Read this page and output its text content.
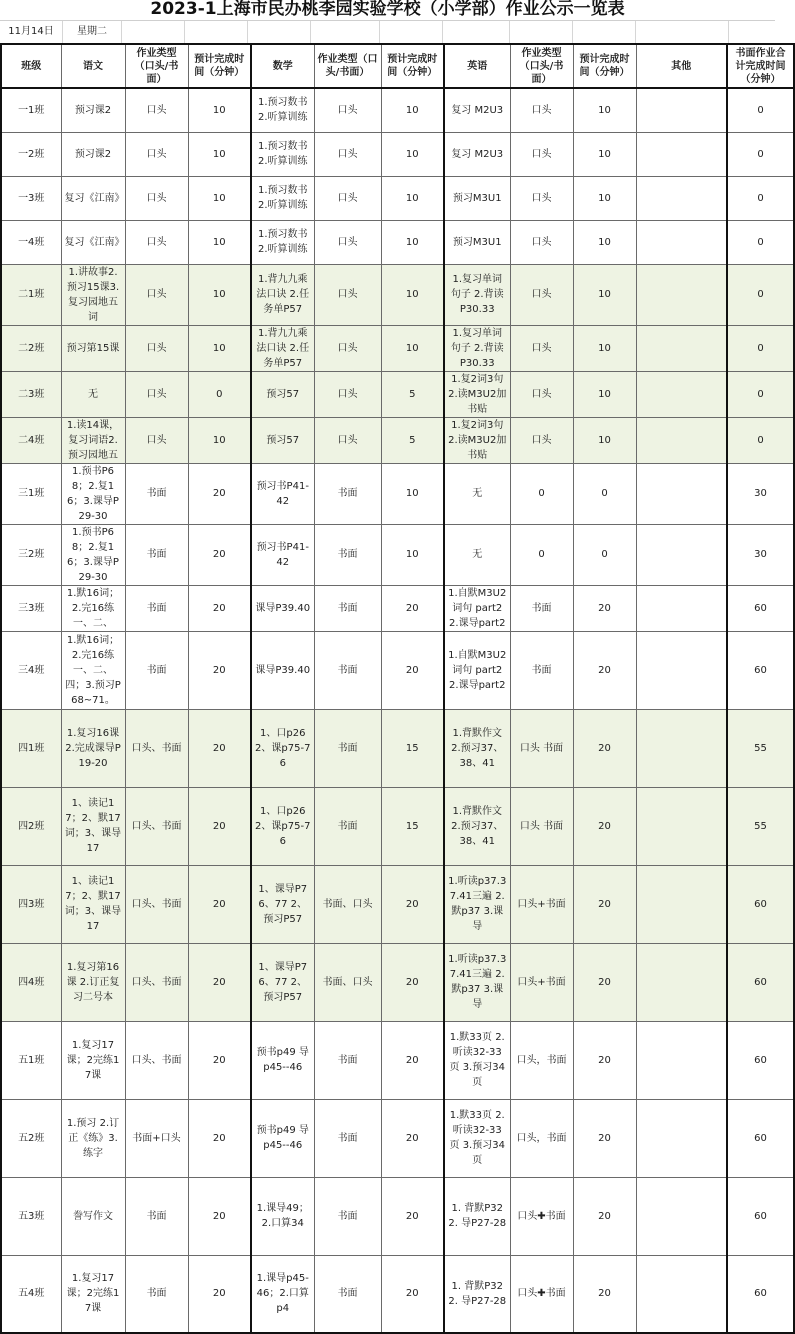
2023-1上海市民办桃李园实验学校（小学部）作业公示一览表
11月14日	星期二
班级	语文	作业类型（口头/书面）	预计完成时间（分钟）	数学	作业类型（口头/书面）	预计完成时间（分钟）	英语	作业类型（口头/书面）	预计完成时间（分钟）	其他	书面作业合计完成时间（分钟）
一1班	预习课2	口头	10	1.预习数书 2.听算训练	口头	10	复习 M2U3	口头	10		0
一2班	预习课2	口头	10	1.预习数书 2.听算训练	口头	10	复习 M2U3	口头	10		0
一3班	复习《江南》	口头	10	1.预习数书 2.听算训练	口头	10	预习M3U1	口头	10		0
一4班	复习《江南》	口头	10	1.预习数书 2.听算训练	口头	10	预习M3U1	口头	10		0
二1班	1.讲故事2.预习15课3.复习园地五 词	口头	10	1.背九九乘法口诀 2.任务单P57	口头	10	1.复习单词句子 2.背读P30.33	口头	10		0
二2班	预习第15课	口头	10	1.背九九乘法口诀 2.任务单P57	口头	10	1.复习单词句子 2.背读P30.33	口头	10		0
二3班	无	口头	0	预习57	口头	5	1.复2词3句 2.读M3U2加书贴	口头	10		0
二4班	1.读14课，复习词语2.预习园地五	口头	10	预习57	口头	5	1.复2词3句 2.读M3U2加书贴	口头	10		0
三1班	1.预书P68；2.复16；3.课导P29-30	书面	20	预习书P41-42	书面	10	无	0	0		30
三2班	1.预书P68；2.复16；3.课导P29-30	书面	20	预习书P41-42	书面	10	无	0	0		30
三3班	1.默16词；2.完16练一、二、	书面	20	课导P39.40	书面	20	1.自默M3U2词句 part2 2.课导part2	书面	20		60
三4班	1.默16词；2.完16练一、二、四；3.预习P68~71。	书面	20	课导P39.40	书面	20	1.自默M3U2词句 part2 2.课导part2	书面	20		60
四1班	1.复习16课 2.完成课导P19-20	口头、书面	20	1、口p26 2、课p75-76	书面	15	1.背默作文 2.预习37、38、41	口头 书面	20		55
四2班	1、读记17；2、默17词；3、课导17	口头、书面	20	1、口p26 2、课p75-76	书面	15	1.背默作文 2.预习37、38、41	口头 书面	20		55
四3班	1、读记17；2、默17词；3、课导17	口头、书面	20	1、课导P76、77 2、预习P57	书面、口头	20	1.听读p37.37.41三遍 2.默p37 3.课导	口头+书面	20		60
四4班	1.复习第16课 2.订正复习二号本	口头、书面	20	1、课导P76、77 2、预习P57	书面、口头	20	1.听读p37.37.41三遍 2.默p37 3.课导	口头+书面	20		60
五1班	1.复习17课；2完练17课	口头、书面	20	预书p49 导p45--46	书面	20	1.默33页 2.听读32-33页 3.预习34页	口头，书面	20		60
五2班	1.预习 2.订正《练》3.练字	书面+口头	20	预书p49 导p45--46	书面	20	1.默33页 2.听读32-33页 3.预习34页	口头，书面	20		60
五3班	誊写作文	书面	20	1.课导49；2.口算34	书面	20	1. 背默P32 2. 导P27-28	口头✚书面	20		60
五4班	1.复习17课；2完练17课	书面	20	1.课导p45-46；2.口算p4	书面	20	1. 背默P32 2. 导P27-28	口头✚书面	20		60
